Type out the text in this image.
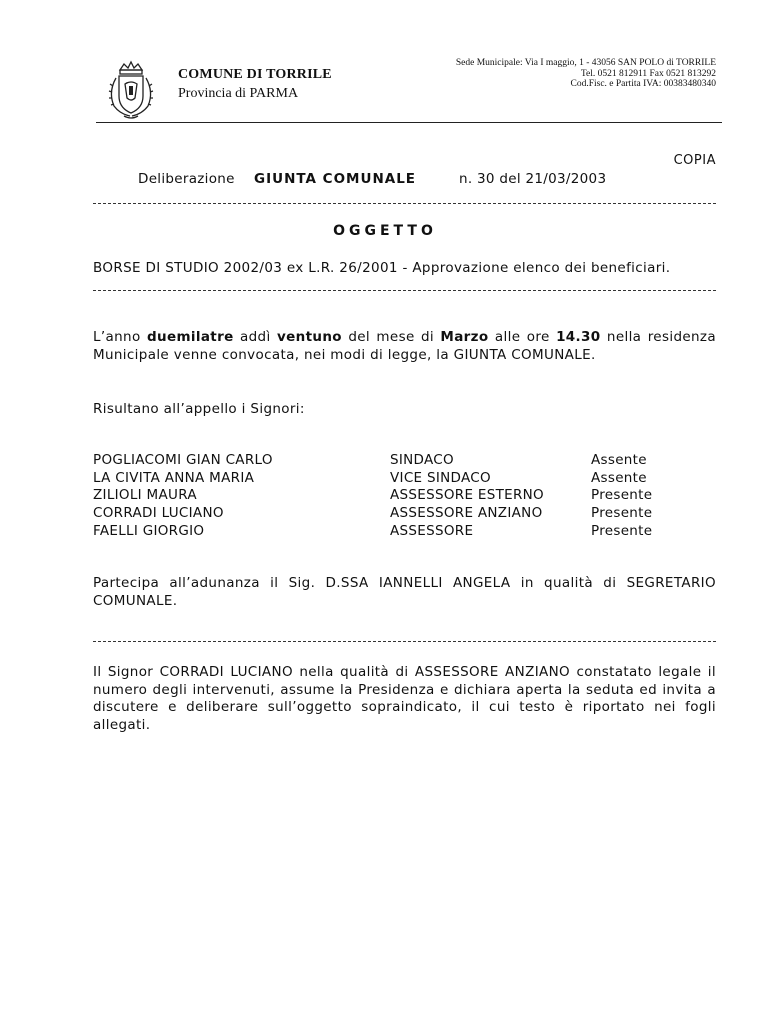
COMUNE DI TORRILE
Provincia di PARMA
Sede Municipale: Via I maggio, 1 - 43056 SAN POLO di TORRILE
Tel. 0521 812911 Fax 0521 813292
Cod.Fisc. e Partita IVA: 00383480340
COPIA
Deliberazione GIUNTA COMUNALE	n. 30 del 21/03/2003
OGGETTO
BORSE DI STUDIO 2002/03 ex L.R. 26/2001 - Approvazione elenco dei beneficiari.
L’anno duemilatre addì ventuno del mese di Marzo alle ore 14.30 nella residenza Municipale venne convocata, nei modi di legge, la GIUNTA COMUNALE.
Risultano all’appello i Signori:
POGLIACOMI GIAN CARLO	SINDACO	Assente
LA CIVITA ANNA MARIA	VICE SINDACO	Assente
ZILIOLI MAURA	ASSESSORE ESTERNO	Presente
CORRADI LUCIANO	ASSESSORE ANZIANO	Presente
FAELLI GIORGIO	ASSESSORE	Presente
Partecipa all’adunanza il Sig. D.SSA IANNELLI ANGELA in qualità di SEGRETARIO COMUNALE.
Il Signor CORRADI LUCIANO nella qualità di ASSESSORE ANZIANO constatato legale il numero degli intervenuti, assume la Presidenza e dichiara aperta la seduta ed invita a discutere e deliberare sull’oggetto sopraindicato, il cui testo è riportato nei fogli allegati.
